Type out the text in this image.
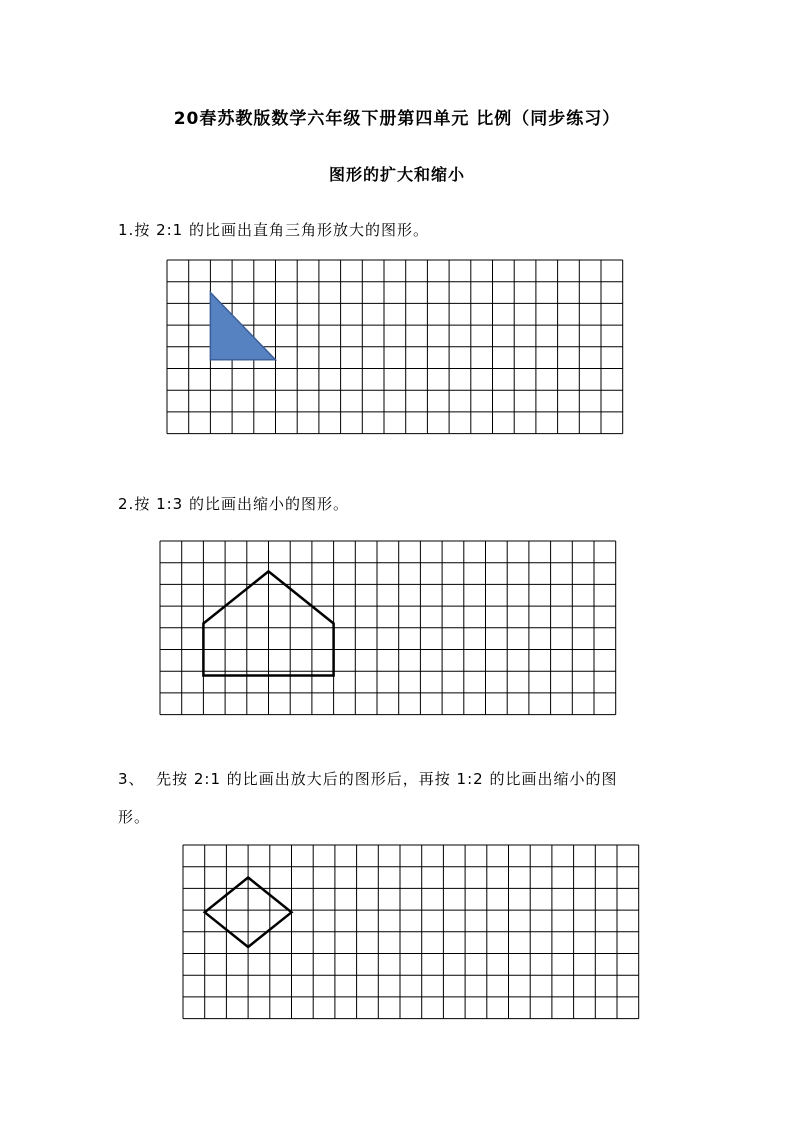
20春苏教版数学六年级下册第四单元 比例（同步练习）
图形的扩大和缩小
1.按 2:1 的比画出直角三角形放大的图形。
2.按 1:3 的比画出缩小的图形。
3、 先按 2:1 的比画出放大后的图形后，再按 1:2 的比画出缩小的图
形。
